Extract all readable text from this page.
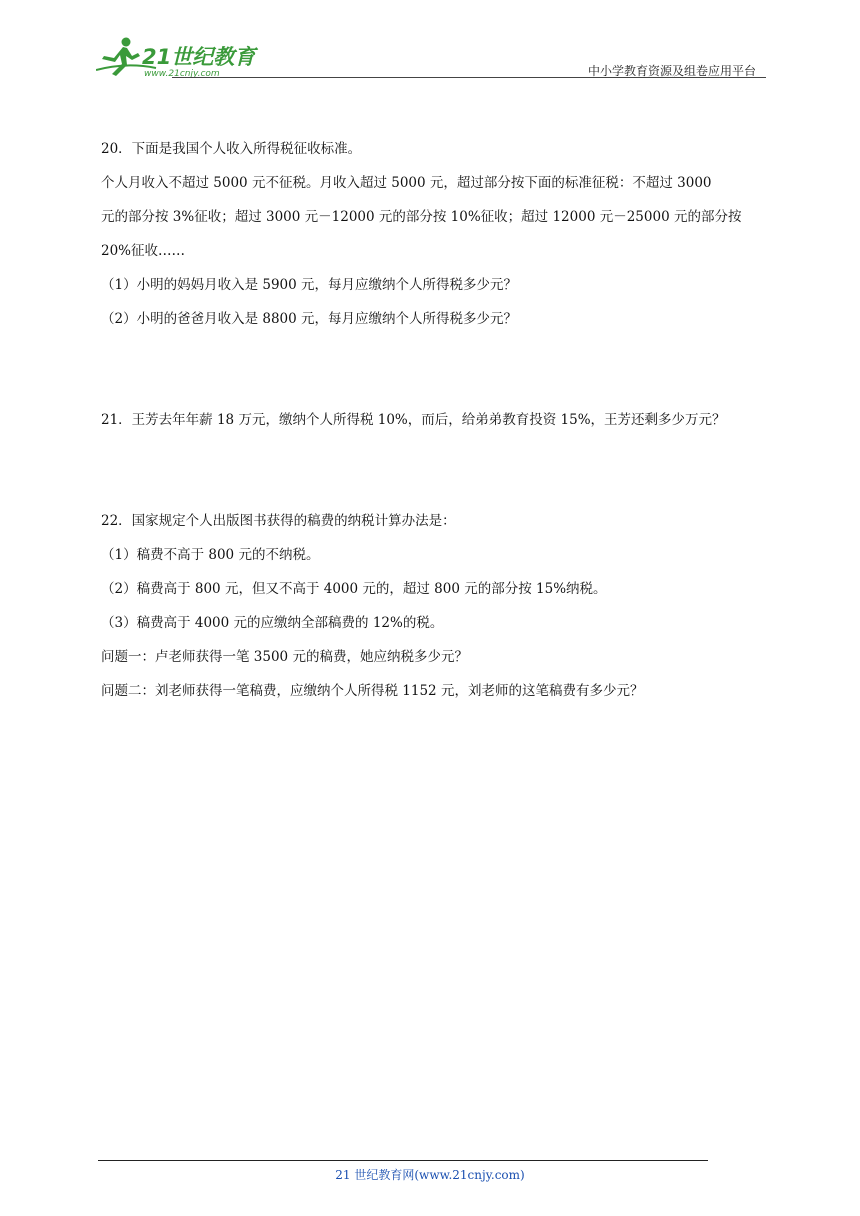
21世纪教育
www.21cnjy.com	中小学教育资源及组卷应用平台
20．下面是我国个人收入所得税征收标准。
个人月收入不超过 5000 元不征税。月收入超过 5000 元，超过部分按下面的标准征税：不超过 3000
元的部分按 3%征收；超过 3000 元－12000 元的部分按 10%征收；超过 12000 元－25000 元的部分按
20%征收……
（1）小明的妈妈月收入是 5900 元，每月应缴纳个人所得税多少元？
（2）小明的爸爸月收入是 8800 元，每月应缴纳个人所得税多少元？
21．王芳去年年薪 18 万元，缴纳个人所得税 10%，而后，给弟弟教育投资 15%，王芳还剩多少万元？
22．国家规定个人出版图书获得的稿费的纳税计算办法是：
（1）稿费不高于 800 元的不纳税。
（2）稿费高于 800 元，但又不高于 4000 元的，超过 800 元的部分按 15%纳税。
（3）稿费高于 4000 元的应缴纳全部稿费的 12%的税。
问题一：卢老师获得一笔 3500 元的稿费，她应纳税多少元？
问题二：刘老师获得一笔稿费，应缴纳个人所得税 1152 元，刘老师的这笔稿费有多少元？
21 世纪教育网(www.21cnjy.com)
